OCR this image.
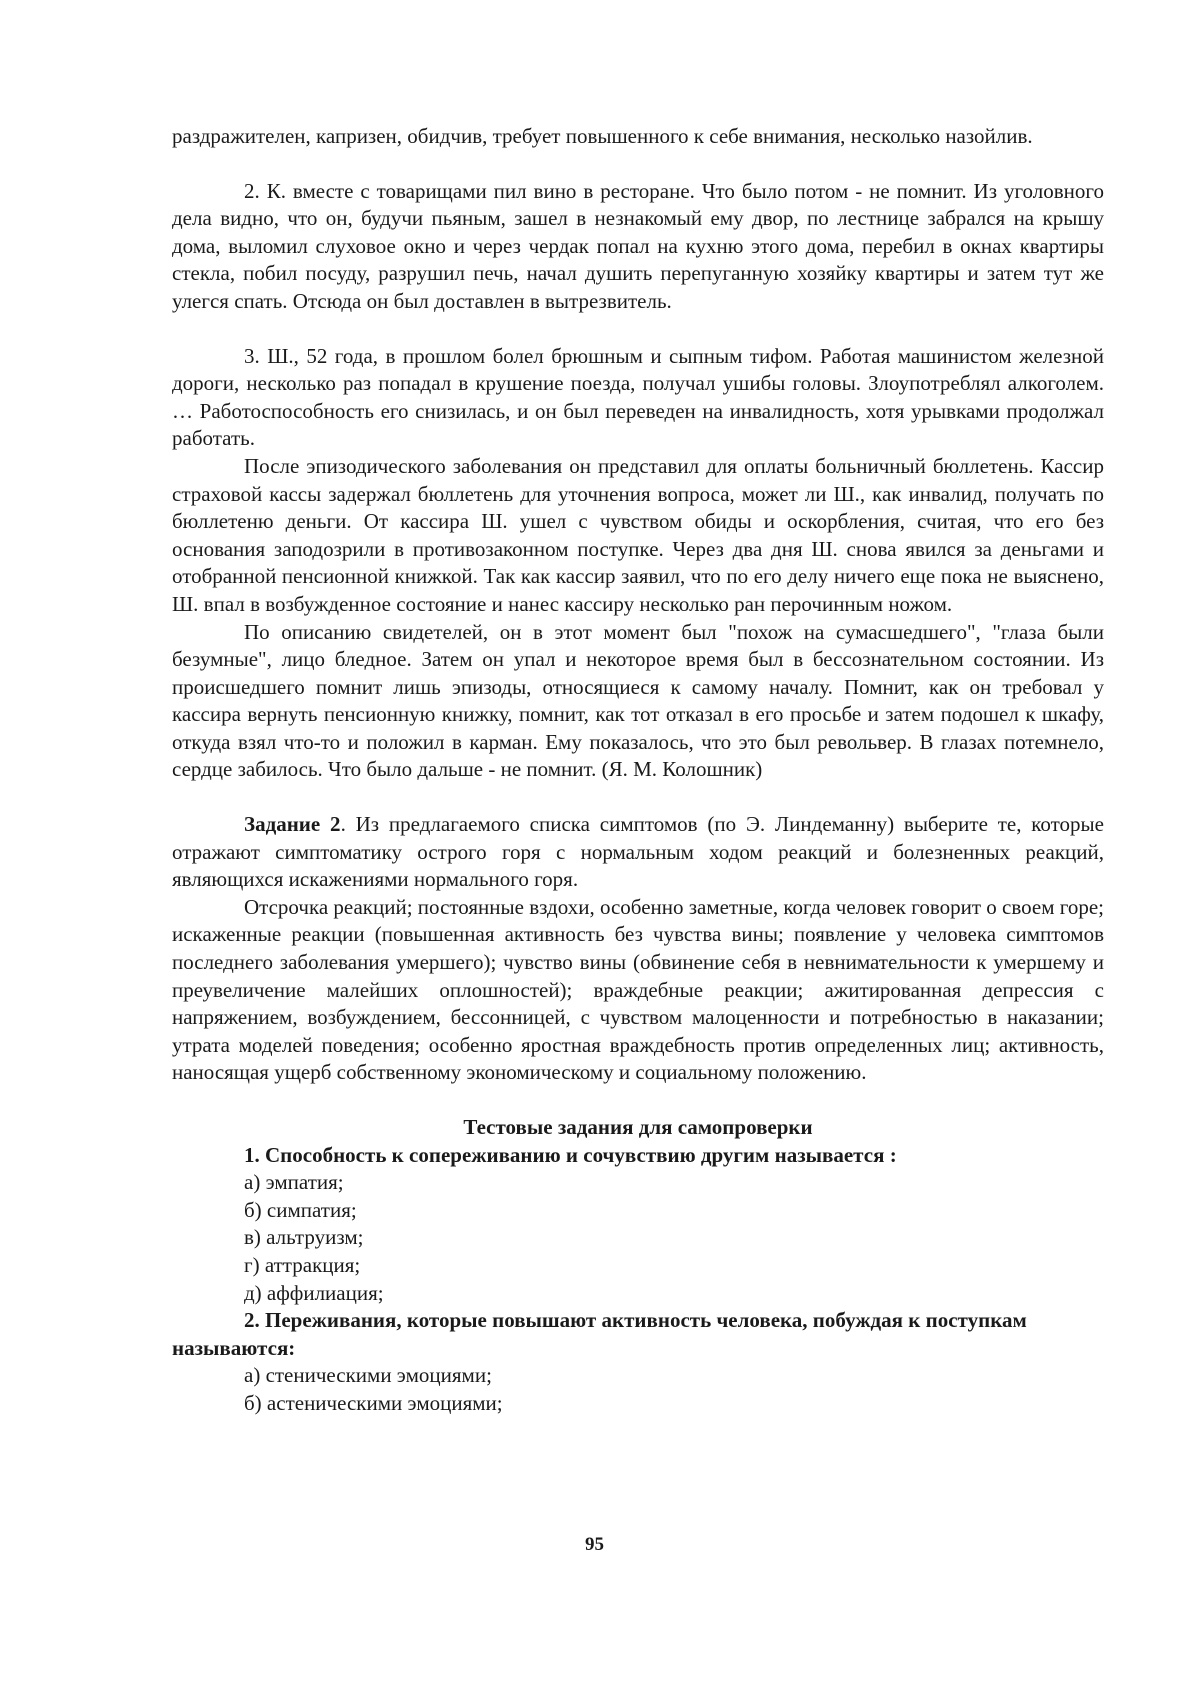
раздражителен, капризен, обидчив, требует повышенного к себе внимания, несколько назойлив.

2. К. вместе с товарищами пил вино в ресторане. Что было потом - не помнит. Из уголовного дела видно, что он, будучи пьяным, зашел в незнакомый ему двор, по лестнице забрался на крышу дома, выломил слуховое окно и через чердак попал на кухню этого дома, перебил в окнах квартиры стекла, побил посуду, разрушил печь, начал душить перепуганную хозяйку квартиры и затем тут же улегся спать. Отсюда он был доставлен в вытрезвитель.

3. Ш., 52 года, в прошлом болел брюшным и сыпным тифом. Работая машинистом железной дороги, несколько раз попадал в крушение поезда, получал ушибы головы. Злоупотреблял алкоголем. … Работоспособность его снизилась, и он был переведен на инвалидность, хотя урывками продолжал работать.

После эпизодического заболевания он представил для оплаты больничный бюллетень. Кассир страховой кассы задержал бюллетень для уточнения вопроса, может ли Ш., как инвалид, получать по бюллетеню деньги. От кассира Ш. ушел с чувством обиды и оскорбления, считая, что его без основания заподозрили в противозаконном поступке. Через два дня Ш. снова явился за деньгами и отобранной пенсионной книжкой. Так как кассир заявил, что по его делу ничего еще пока не выяснено, Ш. впал в возбужденное состояние и нанес кассиру несколько ран перочинным ножом.

По описанию свидетелей, он в этот момент был "похож на сумасшедшего", "глаза были безумные", лицо бледное. Затем он упал и некоторое время был в бессознательном состоянии. Из происшедшего помнит лишь эпизоды, относящиеся к самому началу. Помнит, как он требовал у кассира вернуть пенсионную книжку, помнит, как тот отказал в его просьбе и затем подошел к шкафу, откуда взял что-то и положил в карман. Ему показалось, что это был револьвер. В глазах потемнело, сердце забилось. Что было дальше - не помнит. (Я. М. Колошник)

Задание 2. Из предлагаемого списка симптомов (по Э. Линдеманну) выберите те, которые отражают симптоматику острого горя с нормальным ходом реакций и болезненных реакций, являющихся искажениями нормального горя.

Отсрочка реакций; постоянные вздохи, особенно заметные, когда человек говорит о своем горе; искаженные реакции (повышенная активность без чувства вины; появление у человека симптомов последнего заболевания умершего); чувство вины (обвинение себя в невнимательности к умершему и преувеличение малейших оплошностей); враждебные реакции; ажитированная депрессия с напряжением, возбуждением, бессонницей, с чувством малоценности и потребностью в наказании; утрата моделей поведения; особенно яростная враждебность против определенных лиц; активность, наносящая ущерб собственному экономическому и социальному положению.

Тестовые задания для самопроверки

1. Способность к сопереживанию и сочувствию другим называется :

а) эмпатия;
б) симпатия;
в) альтруизм;
г) аттракция;
д) аффилиация;

2. Переживания, которые повышают активность человека, побуждая к поступкам называются:

а) стеническими эмоциями;
б) астеническими эмоциями;
95
